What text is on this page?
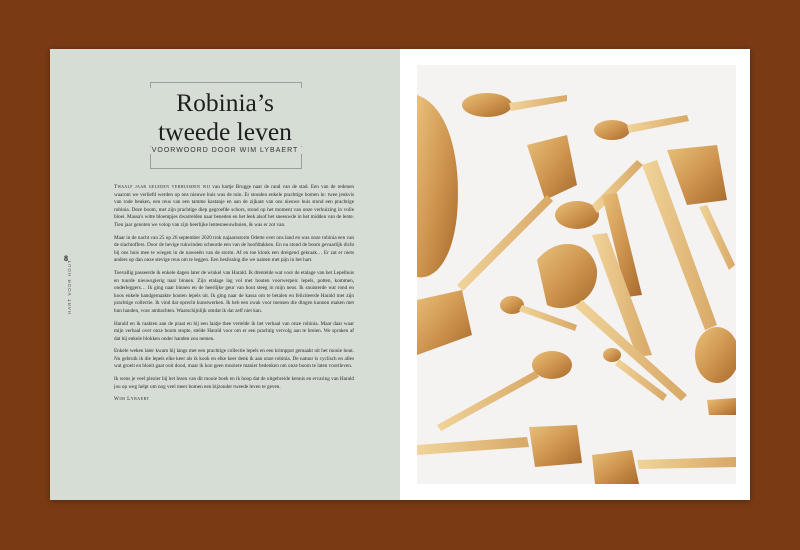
Robinia’s
tweede leven
VOORWOORD DOOR WIM LYBAERT
8
HART VOOR HOUT

Twaalf jaar geleden verhuisden wij van hartje Brugge naar de rand van de stad. Een van de redenen waarom we verliefd werden op ons nieuwe huis was de tuin. Er stonden enkele prachtige bomen in: twee jeukvis van rode beuken, een reus van een tamme kastanje en aan de zijkant van ons nieuwe huis stond een prachtige robinia. Deze boom, met zijn prachtige diep gegroefde schors, stond op het moment van onze verhuizing in volle bloei. Massa's witte bloempjes dwarrelden naar beneden en het leek alsof het sneeuwde in het midden van de lente. Tien jaar genoten we volop van zijn heerlijke lentesneeuwbuien, & was er zot van.

Maar in de nacht van 25 op 26 september 2020 trok najaarsstorm Odette over ons land en was onze robinia een van de slachtoffers. Door de hevige rukwinden scheurde een van de hoofdtakken. En nu stond de boom gevaarlijk dicht bij ons huis mee te wiegen in de naweeën van de storm. Af en toe klonk een dreigend gekraak… Er zat er niets anders op dan onze stevige reus om te leggen. Een beslissing die we namen met pijn in het hart.

Toevallig passeerde ik enkele dagen later de winkel van Harald. Ik drentelde wat voor de etalage van het Lepelhuis en tuurde nieuwsgierig naar binnen. Zijn etalage lag vol met houten voorwerpen: lepels, potten, kommen, onderleggers… Ik ging naar binnen en de heerlijke geur van hout steeg in mijn neus. Ik snuisterde wat rond en koos enkele handgemaakte houten lepels uit. Ik ging naar de kassa om te betalen en feliciteerde Harald met zijn prachtige collectie. Ik vind dat oprecht kunstwerken. Ik heb een zwak voor mensen die dingen kunnen maken met hun handen, voor ambachten. Waarschijnlijk omdat ik dat zelf niet kan.

Harald en ik raakten aan de praat en bij een laatje thee vertelde ik het verhaal van onze robinia. Maar daar waar mijn verhaal over onze boom stopte, stelde Harald voor om er een prachtig vervolg aan te breien. We spraken af dat hij enkele blokken onder handen zou nemen.

Enkele weken later kwam hij langs met een prachtige collectie lepels en een krimppot gemaakt uit het mooie hout. Nu gebruik ik die lepels elke keer als ik kook en elke keer denk ik aan onze robinia. De natuur is cyclisch en alles wat groeit en bloeit gaat ooit dood, maar ik kon geen mooiere manier bedenken om onze boom te laten voortleven.

Ik wens je veel plezier bij het lezen van dit mooie boek en ik hoop dat de uitgebreide kennis en ervaring van Harald jou op weg helpt om nog veel meer bomen een bijzonder tweede leven te geven.

Wim Lybaert
